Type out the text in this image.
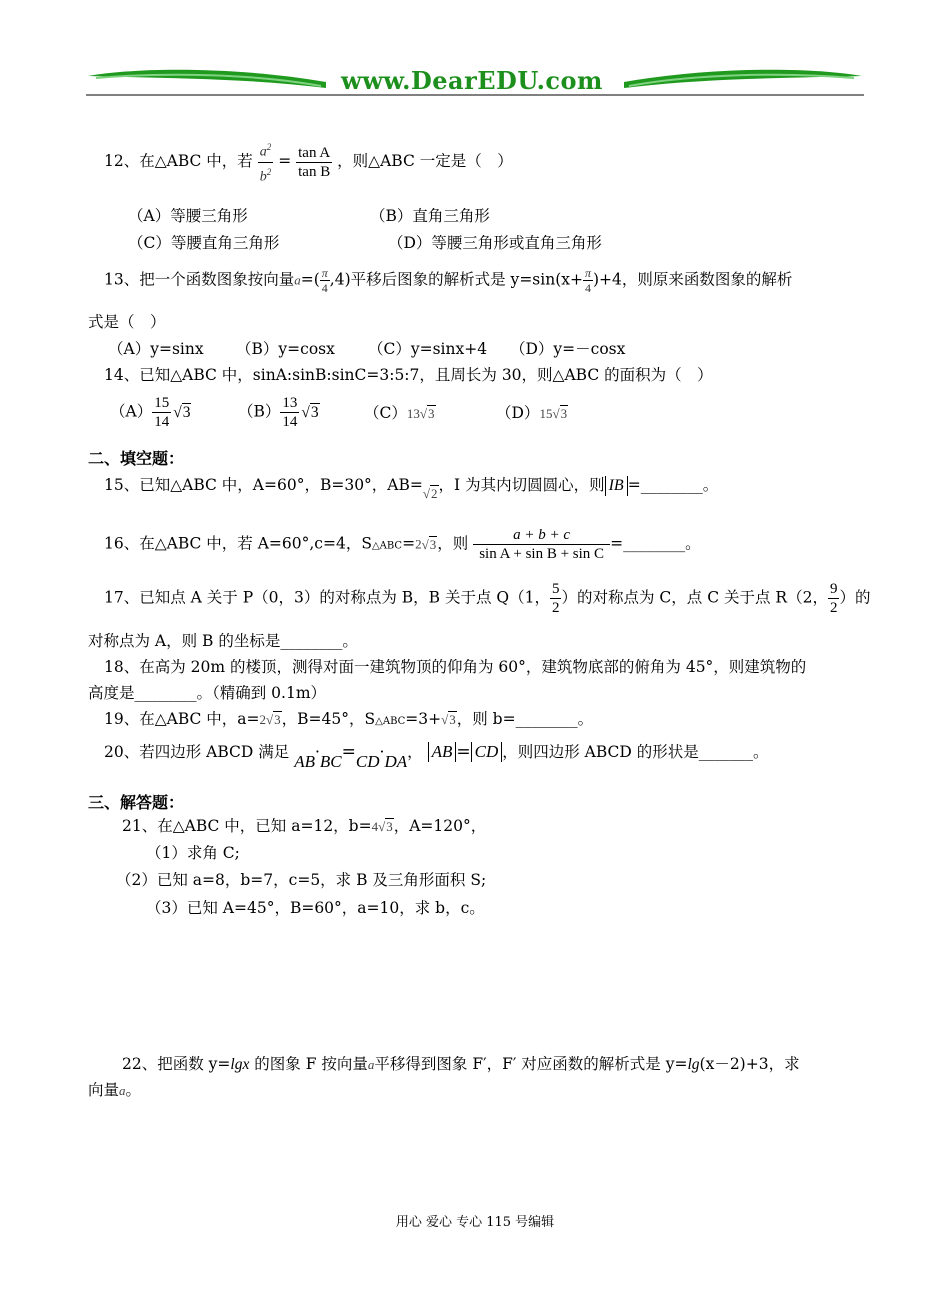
www.DearEDU.com
12、在△ABC 中，若 $\frac{a^2}{b^2} = \frac{\text{tan A}}{\text{tan B}}$ ，则△ABC 一定是（　）
（A）等腰三角形	（B）直角三角形
（C）等腰直角三角形	（D）等腰三角形或直角三角形
13、把一个函数图象按向量$a=( \frac{\pi}{4} ,4)$平移后图象的解析式是 $y=\sin(x+ \frac{\pi}{4} )+4$，则原来函数图象的解析
式是（　）
（A）y=sinx （B）y=cosx （C）y=sinx+4 （D）y=－cosx
14、已知△ABC 中，sinA:sinB:sinC=3:5:7，且周长为 30，则△ABC 的面积为（　）
$(A) \frac{15}{14} √3$	$(B) \frac{13}{14} √3$	（C）13√3	（D）15√3
二、填空题：
15、已知△ABC 中，A=60°，B=30°，AB=√2，I 为其内切圆圆心，则 IB =________。
16、在△ABC 中，若 A=60°,c=4，S△ABC=2√3，则 $\frac{a + b + c}{\text{sin A + sin B + sin C}}$ =________。
17、已知点 A 关于 P（0，3）的对称点为 B，B 关于点 Q（1， $\frac{5}{2}$ ）的对称点为 C，点 C 关于点 R（2， $\frac{9}{2}$ ）的
对称点为 A，则 B 的坐标是________。
18、在高为 20m 的楼顶，测得对面一建筑物顶的仰角为 60°，建筑物底部的俯角为 45°，则建筑物的
高度是________。（精确到 0.1m）
19、在△ABC 中，a=2√3，B=45°，S△ABC=3+√3，则 b=________。
20、若四边形 ABCD 满足 AB·BC=CD·DA， AB = CD ，则四边形 ABCD 的形状是_______。
三、解答题：
21、在△ABC 中，已知 a=12，b=4√3，A=120°，
（1）求角 C;
（2）已知 a=8，b=7，c=5，求 B 及三角形面积 S;
（3）已知 A=45°，B=60°，a=10，求 b，c。
22、把函数 y=lgx 的图象 F 按向量a平移得到图象 F′，F′ 对应函数的解析式是 y=lg(x－2)+3，求
向量a。
用心 爱心 专心 115 号编辑
